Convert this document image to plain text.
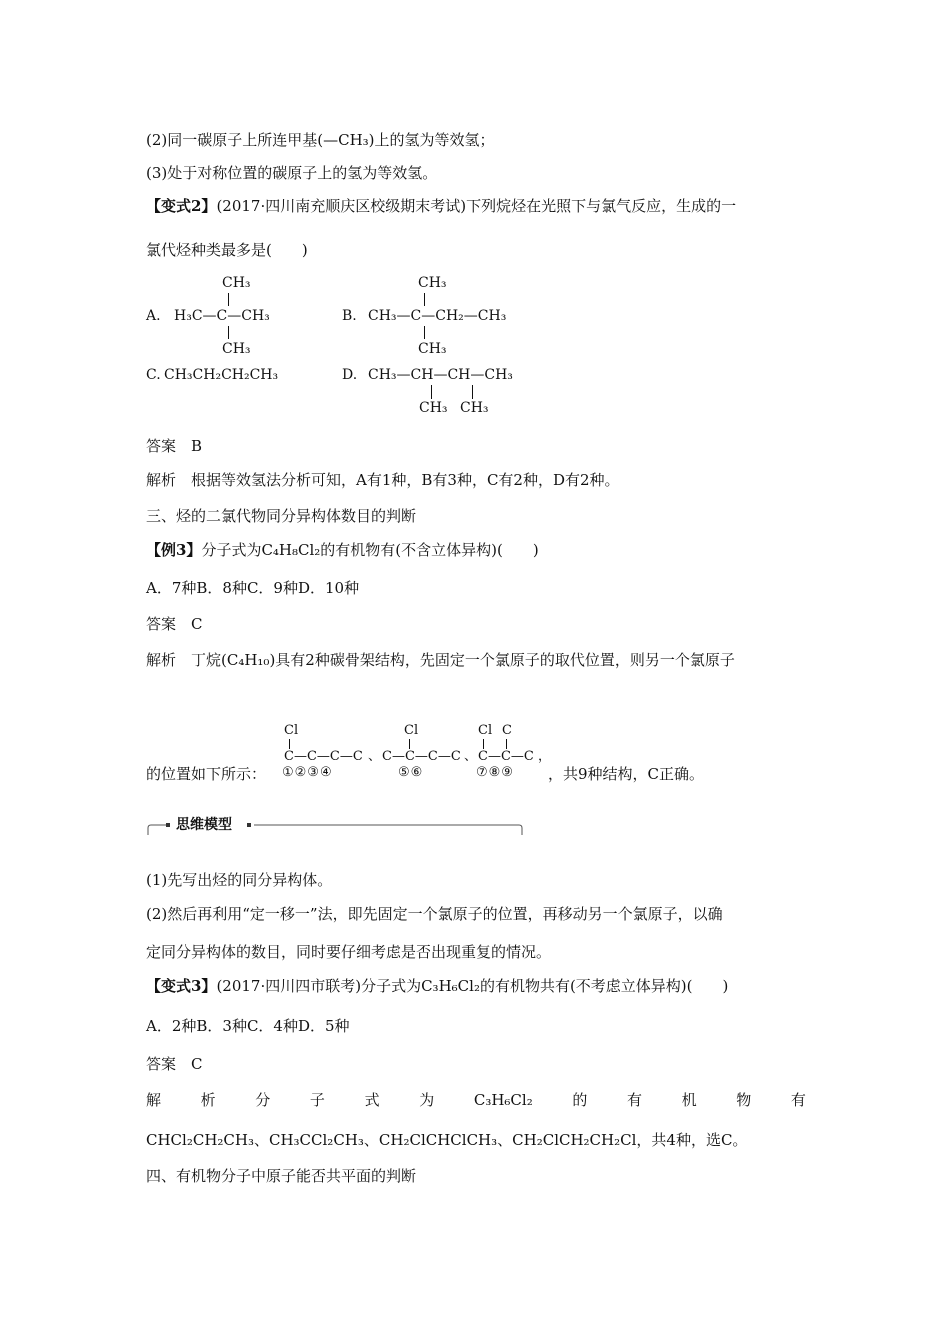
(2)同一碳原子上所连甲基(—CH₃)上的氢为等效氢；
(3)处于对称位置的碳原子上的氢为等效氢。
【变式2】(2017·四川南充顺庆区校级期末考试)下列烷烃在光照下与氯气反应，生成的一
氯代烃种类最多是(　　)
CH₃
A. H₃C—C—CH₃
CH₃
CH₃
B. CH₃—C—CH₂—CH₃
CH₃
C. CH₃CH₂CH₂CH₃	D. CH₃—CH—CH—CH₃
CH₃ CH₃
答案　B
解析　根据等效氢法分析可知，A有1种，B有3种，C有2种，D有2种。
三、烃的二氯代物同分异构体数目的判断
【例3】分子式为C₄H₈Cl₂的有机物有(不含立体异构)(　　)
A．7种B．8种C．9种D．10种
答案　C
解析　丁烷(C₄H₁₀)具有2种碳骨架结构，先固定一个氯原子的取代位置，则另一个氯原子
的位置如下所示：
Cl
C—C—C—C
①②③④
、
Cl
C—C—C—C
⑤⑥
、
Cl C
C—C—C
⑦⑧⑨
，
，共9种结构，C正确。
思维模型
(1)先写出烃的同分异构体。
(2)然后再利用“定一移一”法，即先固定一个氯原子的位置，再移动另一个氯原子，以确
定同分异构体的数目，同时要仔细考虑是否出现重复的情况。
【变式3】(2017·四川四市联考)分子式为C₃H₆Cl₂的有机物共有(不考虑立体异构)(　　)
A．2种B．3种C．4种D．5种
答案　C
解	析	分	子	式	为	C₃H₆Cl₂	的	有	机	物	有
CHCl₂CH₂CH₃、CH₃CCl₂CH₃、CH₂ClCHClCH₃、CH₂ClCH₂CH₂Cl，共4种，选C。
四、有机物分子中原子能否共平面的判断
